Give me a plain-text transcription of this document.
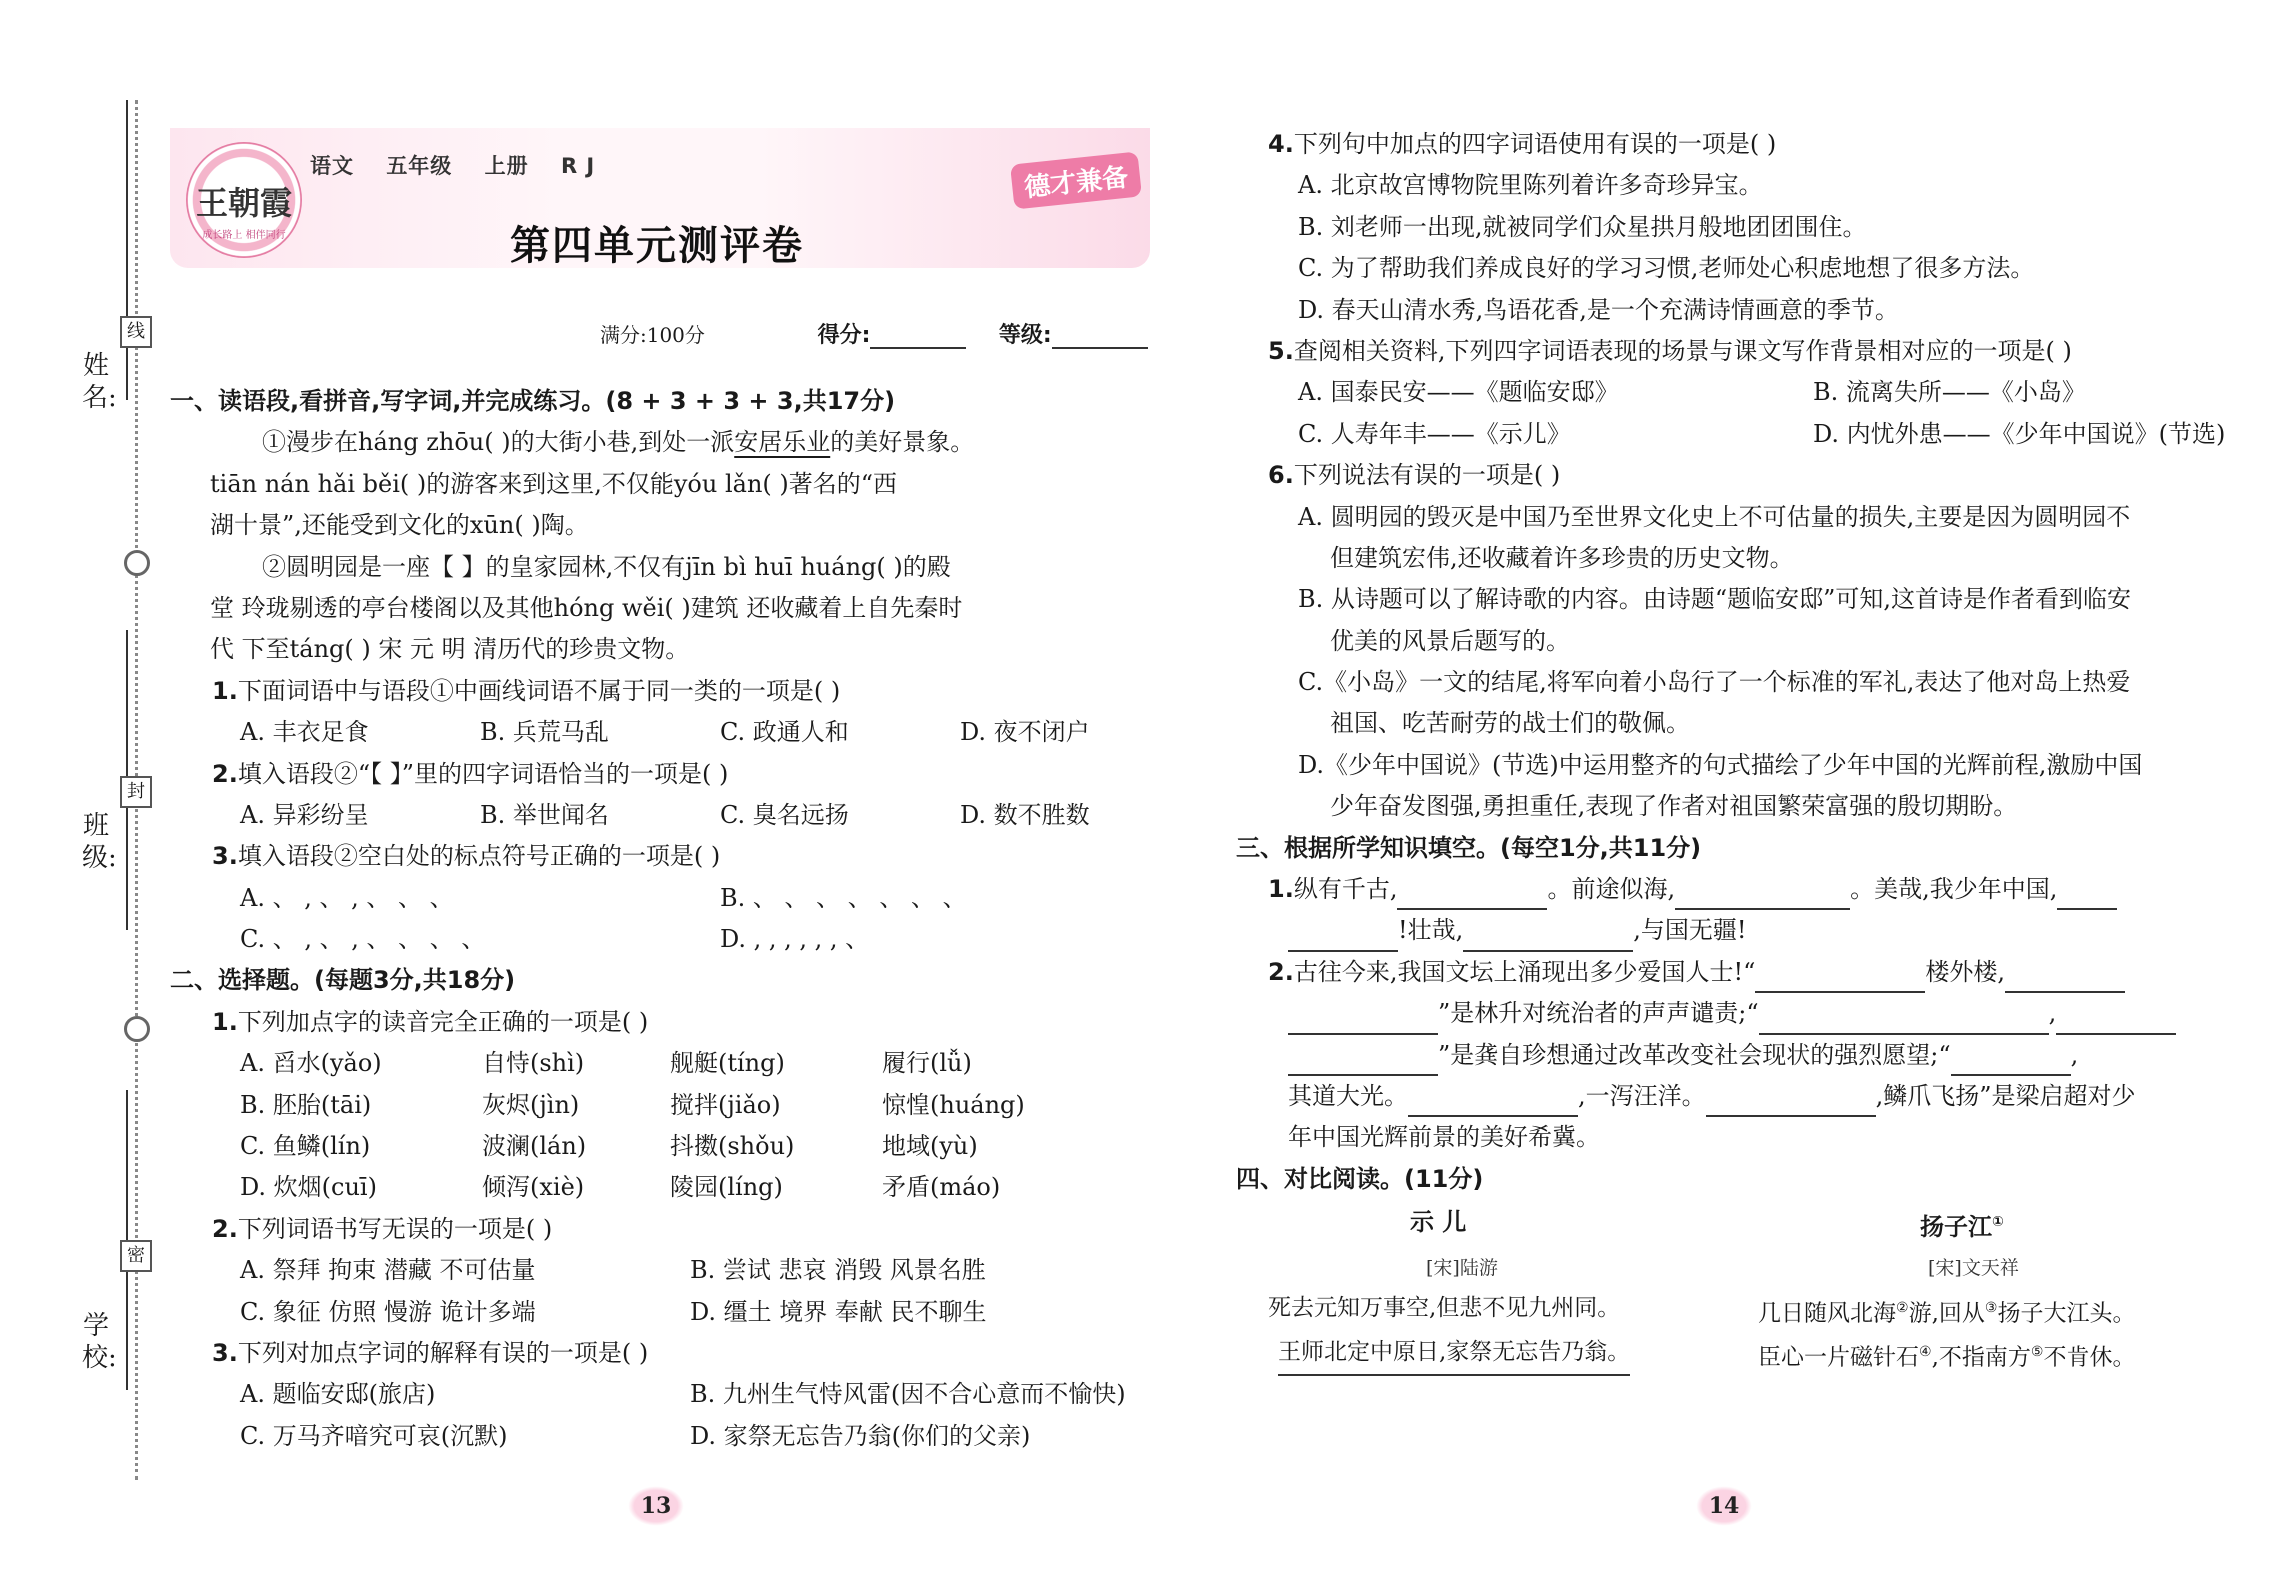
姓 名:
班 级:
学 校:
线
封
密
王朝霞
成长路上 相伴同行
语文 五年级 上册 R J
第四单元测评卷
德才兼备
满分:100分	得分:	等级:
一、读语段,看拼音,写字词,并完成练习。(8 + 3 + 3 + 3,共17分)
①漫步在háng zhōu( )的大街小巷,到处一派安居乐业的美好景象。
tiān nán hǎi běi( )的游客来到这里,不仅能yóu lǎn( )著名的“西
湖十景”,还能受到文化的xūn( )陶。
②圆明园是一座【 】的皇家园林,不仅有jīn bì huī huáng( )的殿
堂 玲珑剔透的亭台楼阁以及其他hóng wěi( )建筑 还收藏着上自先秦时
代 下至táng( ) 宋 元 明 清历代的珍贵文物。
1.下面词语中与语段①中画线词语不属于同一类的一项是( )
A. 丰衣足食	B. 兵荒马乱	C. 政通人和	D. 夜不闭户
2.填入语段②“【 】”里的四字词语恰当的一项是( )
A. 异彩纷呈	B. 举世闻名	C. 臭名远扬	D. 数不胜数
3.填入语段②空白处的标点符号正确的一项是( )
A. 、 , 、 , 、 、 、	B. 、 、 、 、 、 、 、
C. 、 , 、 , 、 、 、 、	D. , , , , , , 、
二、选择题。(每题3分,共18分)
1.下列加点字的读音完全正确的一项是( )
A. 舀水(yǎo)	自恃(shì)	舰艇(tíng)	履行(lǚ)
B. 胚胎(tāi)	灰烬(jìn)	搅拌(jiǎo)	惊惶(huáng)
C. 鱼鳞(lín)	波澜(lán)	抖擞(shǒu)	地域(yù)
D. 炊烟(cuī)	倾泻(xiè)	陵园(líng)	矛盾(máo)
2.下列词语书写无误的一项是( )
A. 祭拜 拘束 潜藏 不可估量	B. 尝试 悲哀 消毁 风景名胜
C. 象征 仿照 慢游 诡计多端	D. 缰土 境界 奉献 民不聊生
3.下列对加点字词的解释有误的一项是( )
A. 题临安邸(旅店)	B. 九州生气恃风雷(因不合心意而不愉快)
C. 万马齐喑究可哀(沉默)	D. 家祭无忘告乃翁(你们的父亲)
13
4.下列句中加点的四字词语使用有误的一项是( )
A. 北京故宫博物院里陈列着许多奇珍异宝。
B. 刘老师一出现,就被同学们众星拱月般地团团围住。
C. 为了帮助我们养成良好的学习习惯,老师处心积虑地想了很多方法。
D. 春天山清水秀,鸟语花香,是一个充满诗情画意的季节。
5.查阅相关资料,下列四字词语表现的场景与课文写作背景相对应的一项是( )
A. 国泰民安——《题临安邸》	B. 流离失所——《小岛》
C. 人寿年丰——《示儿》	D. 内忧外患——《少年中国说》(节选)
6.下列说法有误的一项是( )
A. 圆明园的毁灭是中国乃至世界文化史上不可估量的损失,主要是因为圆明园不
但建筑宏伟,还收藏着许多珍贵的历史文物。
B. 从诗题可以了解诗歌的内容。由诗题“题临安邸”可知,这首诗是作者看到临安
优美的风景后题写的。
C.《小岛》一文的结尾,将军向着小岛行了一个标准的军礼,表达了他对岛上热爱
祖国、吃苦耐劳的战士们的敬佩。
D.《少年中国说》(节选)中运用整齐的句式描绘了少年中国的光辉前程,激励中国
少年奋发图强,勇担重任,表现了作者对祖国繁荣富强的殷切期盼。
三、根据所学知识填空。(每空1分,共11分)
1.纵有千古,	。前途似海,	。美哉,我少年中国,
!壮哉,	,与国无疆!
2.古往今来,我国文坛上涌现出多少爱国人士!“	楼外楼,
”是林升对统治者的声声谴责;“	,
”是龚自珍想通过改革改变社会现状的强烈愿望;“	,
其道大光。	,一泻汪洋。	,鳞爪飞扬”是梁启超对少
年中国光辉前景的美好希冀。
四、对比阅读。(11分)
示 儿
[宋]陆游
死去元知万事空,但悲不见九州同。
王师北定中原日,家祭无忘告乃翁。
扬子江①
[宋]文天祥
几日随风北海②游,回从③扬子大江头。
臣心一片磁针石④,不指南方⑤不肯休。
14
